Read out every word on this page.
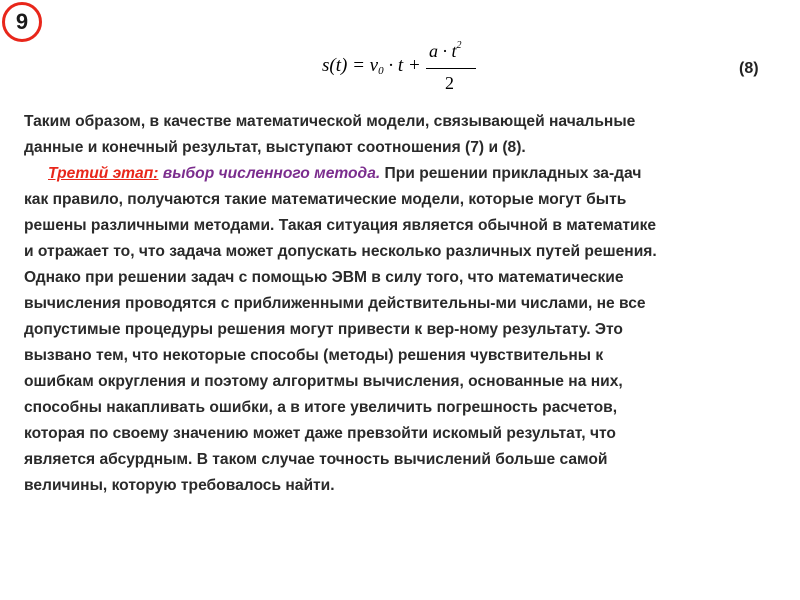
9
$s(t) = v_0 \cdot t$ +
$a \cdot t^2$
2
(8)

Таким образом, в качестве математической модели, связывающей начальные
данные и конечный результат, выступают соотношения (7) и (8).

Третий этап: выбор численного метода. При решении прикладных за-дач
как правило, получаются такие математические модели, которые могут быть
решены различными методами. Такая ситуация является обычной в математике
и отражает то, что задача может допускать несколько различных путей решения.
Однако при решении задач с помощью ЭВМ в силу того, что математические
вычисления проводятся с приближенными действительны-ми числами, не все
допустимые процедуры решения могут привести к вер-ному результату. Это
вызвано тем, что некоторые способы (методы) решения чувствительны к
ошибкам округления и поэтому алгоритмы вычисления, основанные на них,
способны накапливать ошибки, а в итоге увеличить погрешность расчетов,
которая по своему значению может даже превзойти искомый результат, что
является абсурдным. В таком случае точность вычислений больше самой
величины, которую требовалось найти.
